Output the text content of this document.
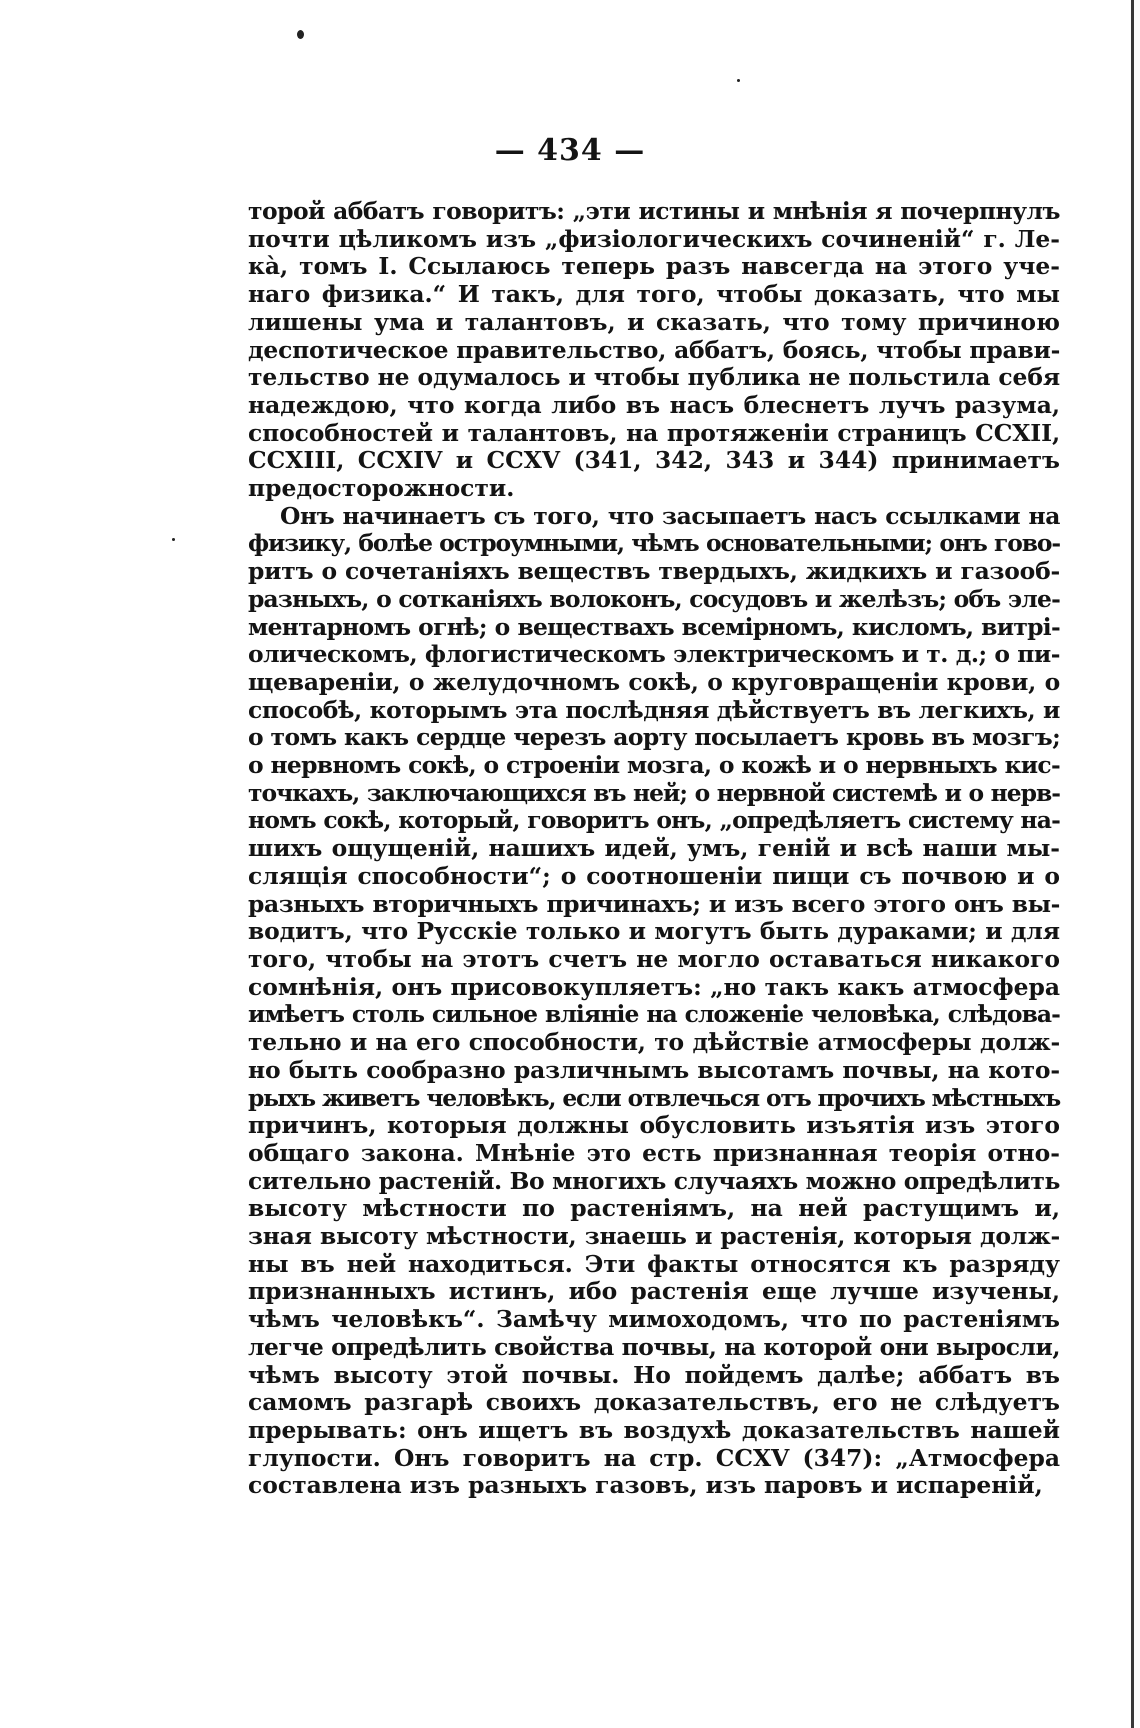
— 434 —
торой аббатъ говоритъ: „эти истины и мнѣнія я почерпнулъ
почти цѣликомъ изъ „физіологическихъ сочиненій“ г. Ле-
ка̀, томъ I. Ссылаюсь теперь разъ навсегда на этого уче-
наго физика.“ И такъ, для того, чтобы доказать, что мы
лишены ума и талантовъ, и сказать, что тому причиною
деспотическое правительство, аббатъ, боясь, чтобы прави-
тельство не одумалось и чтобы публика не польстила себя
надеждою, что когда либо въ насъ блеснетъ лучъ разума,
способностей и талантовъ, на протяженіи страницъ CCXII,
CCXIII, CCXIV и CCXV (341, 342, 343 и 344) принимаетъ
предосторожности.
Онъ начинаетъ съ того, что засыпаетъ насъ ссылками на
физику, болѣе остроумными, чѣмъ основательными; онъ гово-
ритъ о сочетаніяхъ веществъ твердыхъ, жидкихъ и газооб-
разныхъ, о сотканіяхъ волоконъ, сосудовъ и желѣзъ; объ эле-
ментарномъ огнѣ; о веществахъ всемірномъ, кисломъ, витрі-
олическомъ, флогистическомъ электрическомъ и т. д.; о пи-
щевареніи, о желудочномъ сокѣ, о круговращеніи крови, о
способѣ, которымъ эта послѣдняя дѣйствуетъ въ легкихъ, и
о томъ какъ сердце черезъ аорту посылаетъ кровь въ мозгъ;
о нервномъ сокѣ, о строеніи мозга, о кожѣ и о нервныхъ кис-
точкахъ, заключающихся въ ней; о нервной системѣ и о нерв-
номъ сокѣ, который, говоритъ онъ, „опредѣляетъ систему на-
шихъ ощущеній, нашихъ идей, умъ, геній и всѣ наши мы-
слящія способности“; о соотношеніи пищи съ почвою и о
разныхъ вторичныхъ причинахъ; и изъ всего этого онъ вы-
водитъ, что Русскіе только и могутъ быть дураками; и для
того, чтобы на этотъ счетъ не могло оставаться никакого
сомнѣнія, онъ присовокупляетъ: „но такъ какъ атмосфера
имѣетъ столь сильное вліяніе на сложеніе человѣка, слѣдова-
тельно и на его способности, то дѣйствіе атмосферы долж-
но быть сообразно различнымъ высотамъ почвы, на кото-
рыхъ живетъ человѣкъ, если отвлечься отъ прочихъ мѣстныхъ
причинъ, которыя должны обусловить изъятія изъ этого
общаго закона. Мнѣніе это есть признанная теорія отно-
сительно растеній. Во многихъ случаяхъ можно опредѣлить
высоту мѣстности по растеніямъ, на ней растущимъ и,
зная высоту мѣстности, знаешь и растенія, которыя долж-
ны въ ней находиться. Эти факты относятся къ разряду
признанныхъ истинъ, ибо растенія еще лучше изучены,
чѣмъ человѣкъ“. Замѣчу мимоходомъ, что по растеніямъ
легче опредѣлить свойства почвы, на которой они выросли,
чѣмъ высоту этой почвы. Но пойдемъ далѣе; аббатъ въ
самомъ разгарѣ своихъ доказательствъ, его не слѣдуетъ
прерывать: онъ ищетъ въ воздухѣ доказательствъ нашей
глупости. Онъ говоритъ на стр. CCXV (347): „Атмосфера
составлена изъ разныхъ газовъ, изъ паровъ и испареній,
